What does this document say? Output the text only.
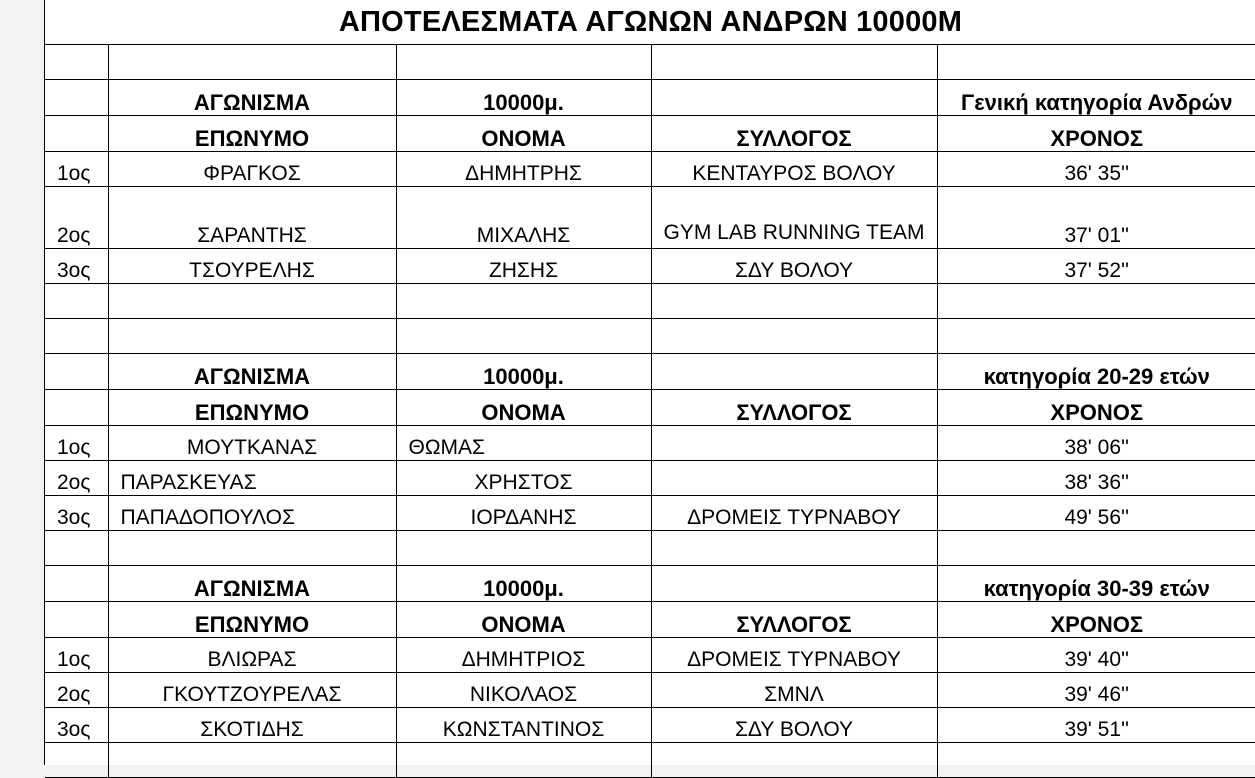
ΑΠΟΤΕΛΕΣΜΑΤΑ ΑΓΩΝΩΝ ΑΝΔΡΩΝ 10000Μ

	ΑΓΩΝΙΣΜΑ	10000μ.		Γενική κατηγορία Ανδρών
	ΕΠΩΝΥΜΟ	ΟΝΟΜΑ	ΣΥΛΛΟΓΟΣ	ΧΡΟΝΟΣ
1ος	ΦΡΑΓΚΟΣ	ΔΗΜΗΤΡΗΣ	ΚΕΝΤΑΥΡΟΣ ΒΟΛΟΥ	36' 35''
2ος	ΣΑΡΑΝΤΗΣ	ΜΙΧΑΛΗΣ	GYM LAB RUNNING TEAM	37' 01''
3ος	ΤΣΟΥΡΕΛΗΣ	ΖΗΣΗΣ	ΣΔΥ ΒΟΛΟΥ	37' 52''

	ΑΓΩΝΙΣΜΑ	10000μ.		κατηγορία 20-29 ετών
	ΕΠΩΝΥΜΟ	ΟΝΟΜΑ	ΣΥΛΛΟΓΟΣ	ΧΡΟΝΟΣ
1ος	ΜΟΥΤΚΑΝΑΣ	ΘΩΜΑΣ		38' 06''
2ος	ΠΑΡΑΣΚΕΥΑΣ	ΧΡΗΣΤΟΣ		38' 36''
3ος	ΠΑΠΑΔΟΠΟΥΛΟΣ	ΙΟΡΔΑΝΗΣ	ΔΡΟΜΕΙΣ ΤΥΡΝΑΒΟΥ	49' 56''

	ΑΓΩΝΙΣΜΑ	10000μ.		κατηγορία 30-39 ετών
	ΕΠΩΝΥΜΟ	ΟΝΟΜΑ	ΣΥΛΛΟΓΟΣ	ΧΡΟΝΟΣ
1ος	ΒΛΙΩΡΑΣ	ΔΗΜΗΤΡΙΟΣ	ΔΡΟΜΕΙΣ ΤΥΡΝΑΒΟΥ	39' 40''
2ος	ΓΚΟΥΤΖΟΥΡΕΛΑΣ	ΝΙΚΟΛΑΟΣ	ΣΜΝΛ	39' 46''
3ος	ΣΚΟΤΙΔΗΣ	ΚΩΝΣΤΑΝΤΙΝΟΣ	ΣΔΥ ΒΟΛΟΥ	39' 51''
